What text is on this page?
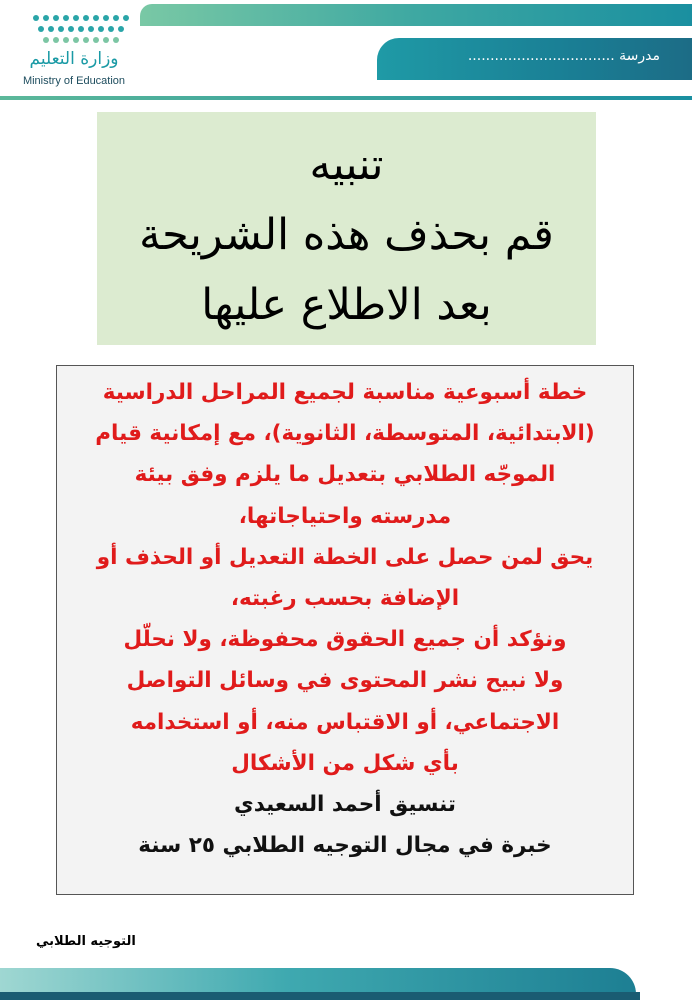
وزارة التعليم
Ministry of Education
مدرسة .................................
تنبيه
قم بحذف هذه الشريحة
بعد الاطلاع عليها
خطة أسبوعية مناسبة لجميع المراحل الدراسية
(الابتدائية، المتوسطة، الثانوية)، مع إمكانية قيام
الموجّه الطلابي بتعديل ما يلزم وفق بيئة
مدرسته واحتياجاتها،
يحق لمن حصل على الخطة التعديل أو الحذف أو
الإضافة بحسب رغبته،
ونؤكد أن جميع الحقوق محفوظة، ولا نحلّل
ولا نبيح نشر المحتوى في وسائل التواصل
الاجتماعي، أو الاقتباس منه، أو استخدامه
بأي شكل من الأشكال
تنسيق أحمد السعيدي
خبرة في مجال التوجيه الطلابي ٢٥ سنة
التوجيه الطلابي
